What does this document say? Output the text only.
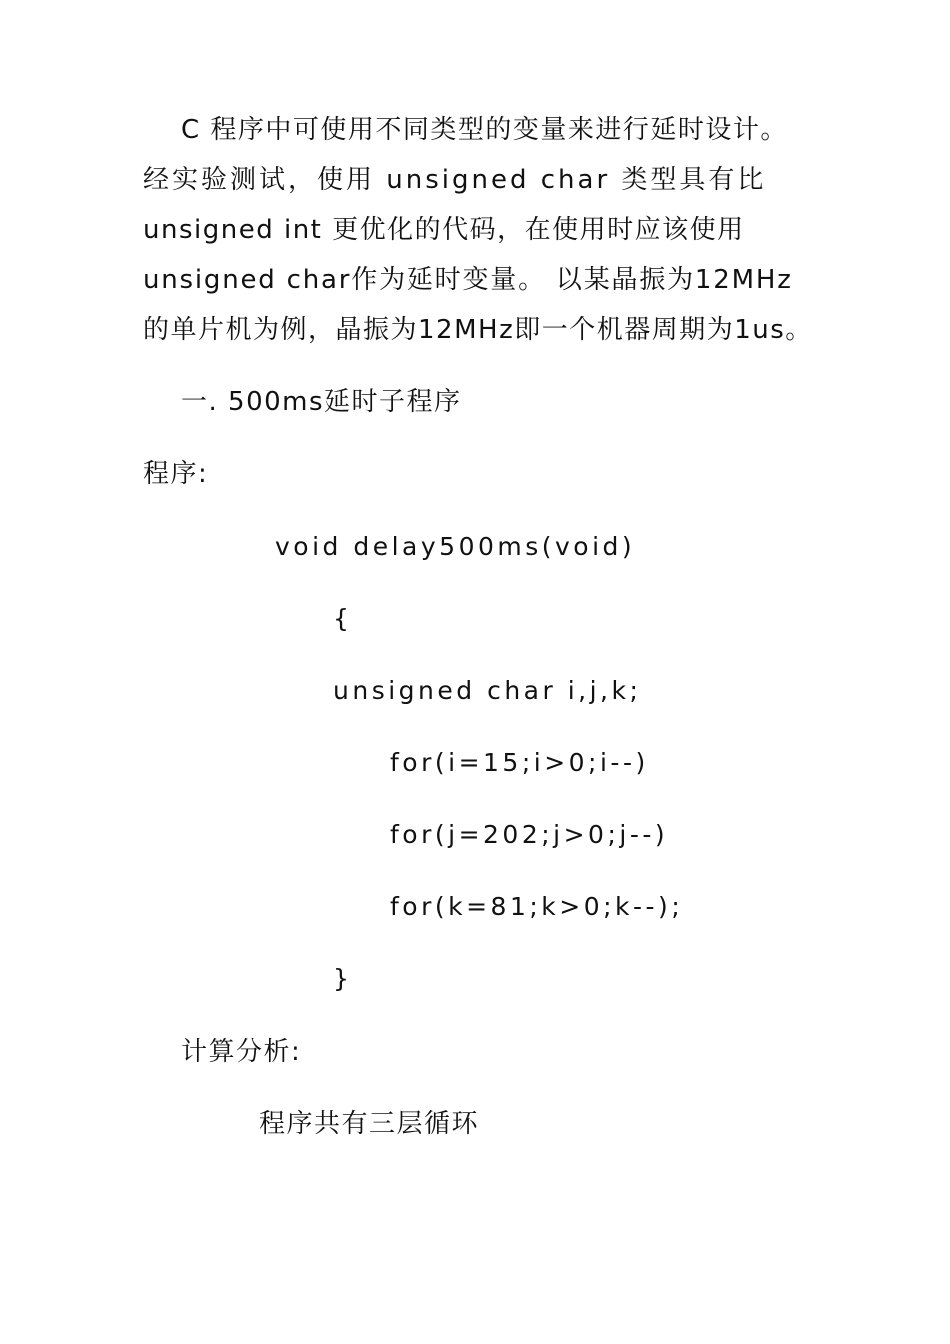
C 程序中可使用不同类型的变量来进行延时设计。
经实验测试，使用 unsigned char 类型具有比
unsigned int 更优化的代码，在使用时应该使用
unsigned char作为延时变量。 以某晶振为12MHz
的单片机为例，晶振为12MHz即一个机器周期为1us。
一. 500ms延时子程序
程序:
void delay500ms(void)
{
unsigned char i,j,k;
for(i=15;i>0;i--)
for(j=202;j>0;j--)
for(k=81;k>0;k--);
}
计算分析:
程序共有三层循环
